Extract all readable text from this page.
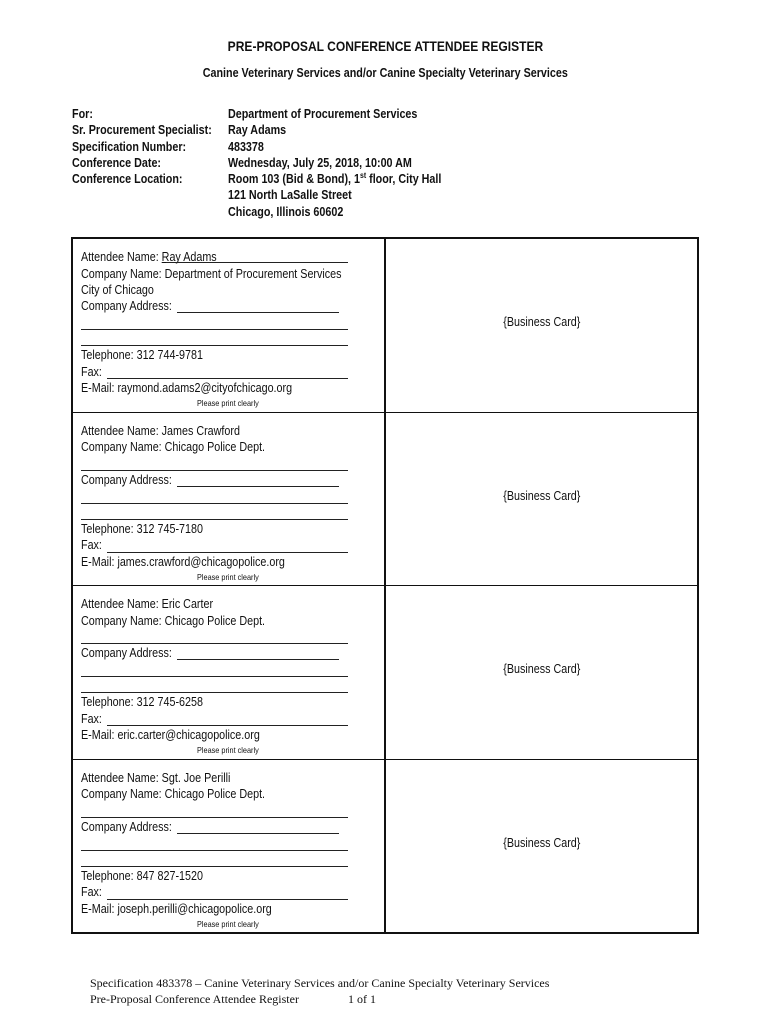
PRE-PROPOSAL CONFERENCE ATTENDEE REGISTER
Canine Veterinary Services and/or Canine Specialty Veterinary Services
For:	Department of Procurement Services
Sr. Procurement Specialist: Ray Adams
Specification Number:	483378
Conference Date:	Wednesday, July 25, 2018, 10:00 AM
Conference Location:	Room 103 (Bid & Bond), 1st floor, City Hall
121 North LaSalle Street
Chicago, Illinois 60602
Attendee Name: Ray Adams
Company Name: Department of Procurement Services
City of Chicago
Company Address:
Telephone: 312 744-9781
Fax:
E-Mail: raymond.adams2@cityofchicago.org
Please print clearly
{Business Card}
Attendee Name: James Crawford
Company Name: Chicago Police Dept.
Company Address:
Telephone: 312 745-7180
Fax:
E-Mail: james.crawford@chicagopolice.org
Please print clearly
{Business Card}
Attendee Name: Eric Carter
Company Name: Chicago Police Dept.
Company Address:
Telephone: 312 745-6258
Fax:
E-Mail: eric.carter@chicagopolice.org
Please print clearly
{Business Card}
Attendee Name: Sgt. Joe Perilli
Company Name: Chicago Police Dept.
Company Address:
Telephone: 847 827-1520
Fax:
E-Mail: joseph.perilli@chicagopolice.org
Please print clearly
{Business Card}
Specification 483378 – Canine Veterinary Services and/or Canine Specialty Veterinary Services
Pre-Proposal Conference Attendee Register	1 of 1
